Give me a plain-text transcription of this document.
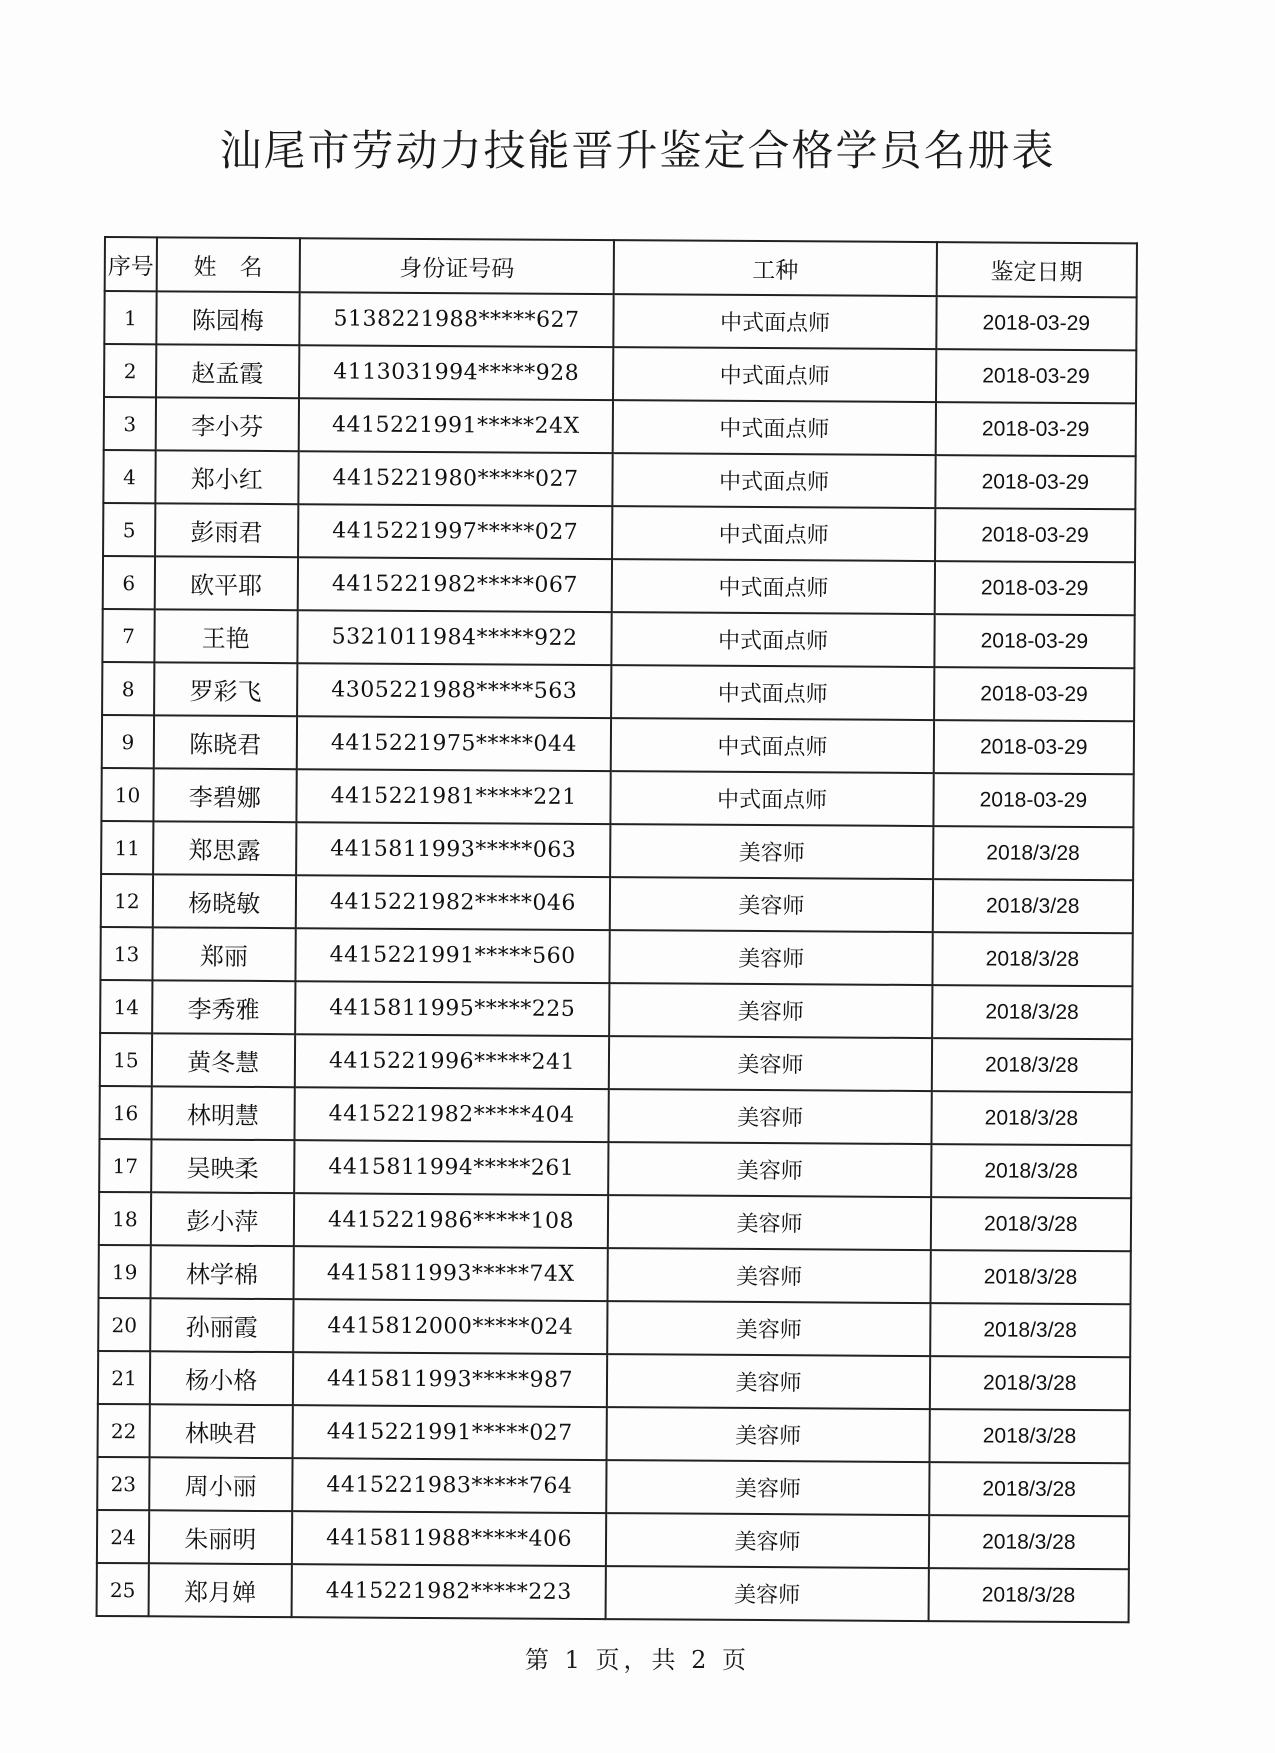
汕尾市劳动力技能晋升鉴定合格学员名册表
序号	姓　名	身份证号码	工种	鉴定日期
1	陈园梅	5138221988*****627	中式面点师	2018-03-29
2	赵孟霞	4113031994*****928	中式面点师	2018-03-29
3	李小芬	4415221991*****24X	中式面点师	2018-03-29
4	郑小红	4415221980*****027	中式面点师	2018-03-29
5	彭雨君	4415221997*****027	中式面点师	2018-03-29
6	欧平耶	4415221982*****067	中式面点师	2018-03-29
7	王艳	5321011984*****922	中式面点师	2018-03-29
8	罗彩飞	4305221988*****563	中式面点师	2018-03-29
9	陈晓君	4415221975*****044	中式面点师	2018-03-29
10	李碧娜	4415221981*****221	中式面点师	2018-03-29
11	郑思露	4415811993*****063	美容师	2018/3/28
12	杨晓敏	4415221982*****046	美容师	2018/3/28
13	郑丽	4415221991*****560	美容师	2018/3/28
14	李秀雅	4415811995*****225	美容师	2018/3/28
15	黄冬慧	4415221996*****241	美容师	2018/3/28
16	林明慧	4415221982*****404	美容师	2018/3/28
17	吴映柔	4415811994*****261	美容师	2018/3/28
18	彭小萍	4415221986*****108	美容师	2018/3/28
19	林学棉	4415811993*****74X	美容师	2018/3/28
20	孙丽霞	4415812000*****024	美容师	2018/3/28
21	杨小格	4415811993*****987	美容师	2018/3/28
22	林映君	4415221991*****027	美容师	2018/3/28
23	周小丽	4415221983*****764	美容师	2018/3/28
24	朱丽明	4415811988*****406	美容师	2018/3/28
25	郑月婵	4415221982*****223	美容师	2018/3/28
第 1 页，共 2 页
